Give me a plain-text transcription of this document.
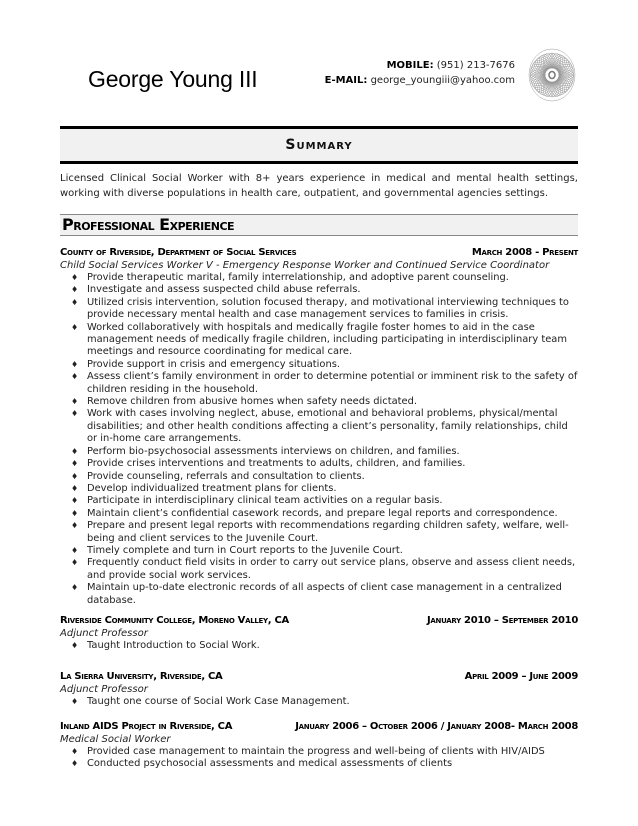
George Young III
MOBILE: (951) 213-7676
E-MAIL: george_youngiii@yahoo.com
Summary
Licensed Clinical Social Worker with 8+ years experience in medical and mental health settings, working with diverse populations in health care, outpatient, and governmental agencies settings.
Professional Experience
County of Riverside, Department of Social Services	March 2008 - Present
Child Social Services Worker V - Emergency Response Worker and Continued Service Coordinator
♦ Provide therapeutic marital, family interrelationship, and adoptive parent counseling.
♦ Investigate and assess suspected child abuse referrals.
♦ Utilized crisis intervention, solution focused therapy, and motivational interviewing techniques to provide necessary mental health and case management services to families in crisis.
♦ Worked collaboratively with hospitals and medically fragile foster homes to aid in the case management needs of medically fragile children, including participating in interdisciplinary team meetings and resource coordinating for medical care.
♦ Provide support in crisis and emergency situations.
♦ Assess client’s family environment in order to determine potential or imminent risk to the safety of children residing in the household.
♦ Remove children from abusive homes when safety needs dictated.
♦ Work with cases involving neglect, abuse, emotional and behavioral problems, physical/mental disabilities; and other health conditions affecting a client’s personality, family relationships, child or in-home care arrangements.
♦ Perform bio-psychosocial assessments interviews on children, and families.
♦ Provide crises interventions and treatments to adults, children, and families.
♦ Provide counseling, referrals and consultation to clients.
♦ Develop individualized treatment plans for clients.
♦ Participate in interdisciplinary clinical team activities on a regular basis.
♦ Maintain client’s confidential casework records, and prepare legal reports and correspondence.
♦ Prepare and present legal reports with recommendations regarding children safety, welfare, well-being and client services to the Juvenile Court.
♦ Timely complete and turn in Court reports to the Juvenile Court.
♦ Frequently conduct field visits in order to carry out service plans, observe and assess client needs, and provide social work services.
♦ Maintain up-to-date electronic records of all aspects of client case management in a centralized database.
Riverside Community College, Moreno Valley, CA	January 2010 – September 2010
Adjunct Professor
♦ Taught Introduction to Social Work.
La Sierra University, Riverside, CA	April 2009 – June 2009
Adjunct Professor
♦ Taught one course of Social Work Case Management.
Inland AIDS Project in Riverside, CA	January 2006 – October 2006 / January 2008- March 2008
Medical Social Worker
♦ Provided case management to maintain the progress and well-being of clients with HIV/AIDS
♦ Conducted psychosocial assessments and medical assessments of clients
